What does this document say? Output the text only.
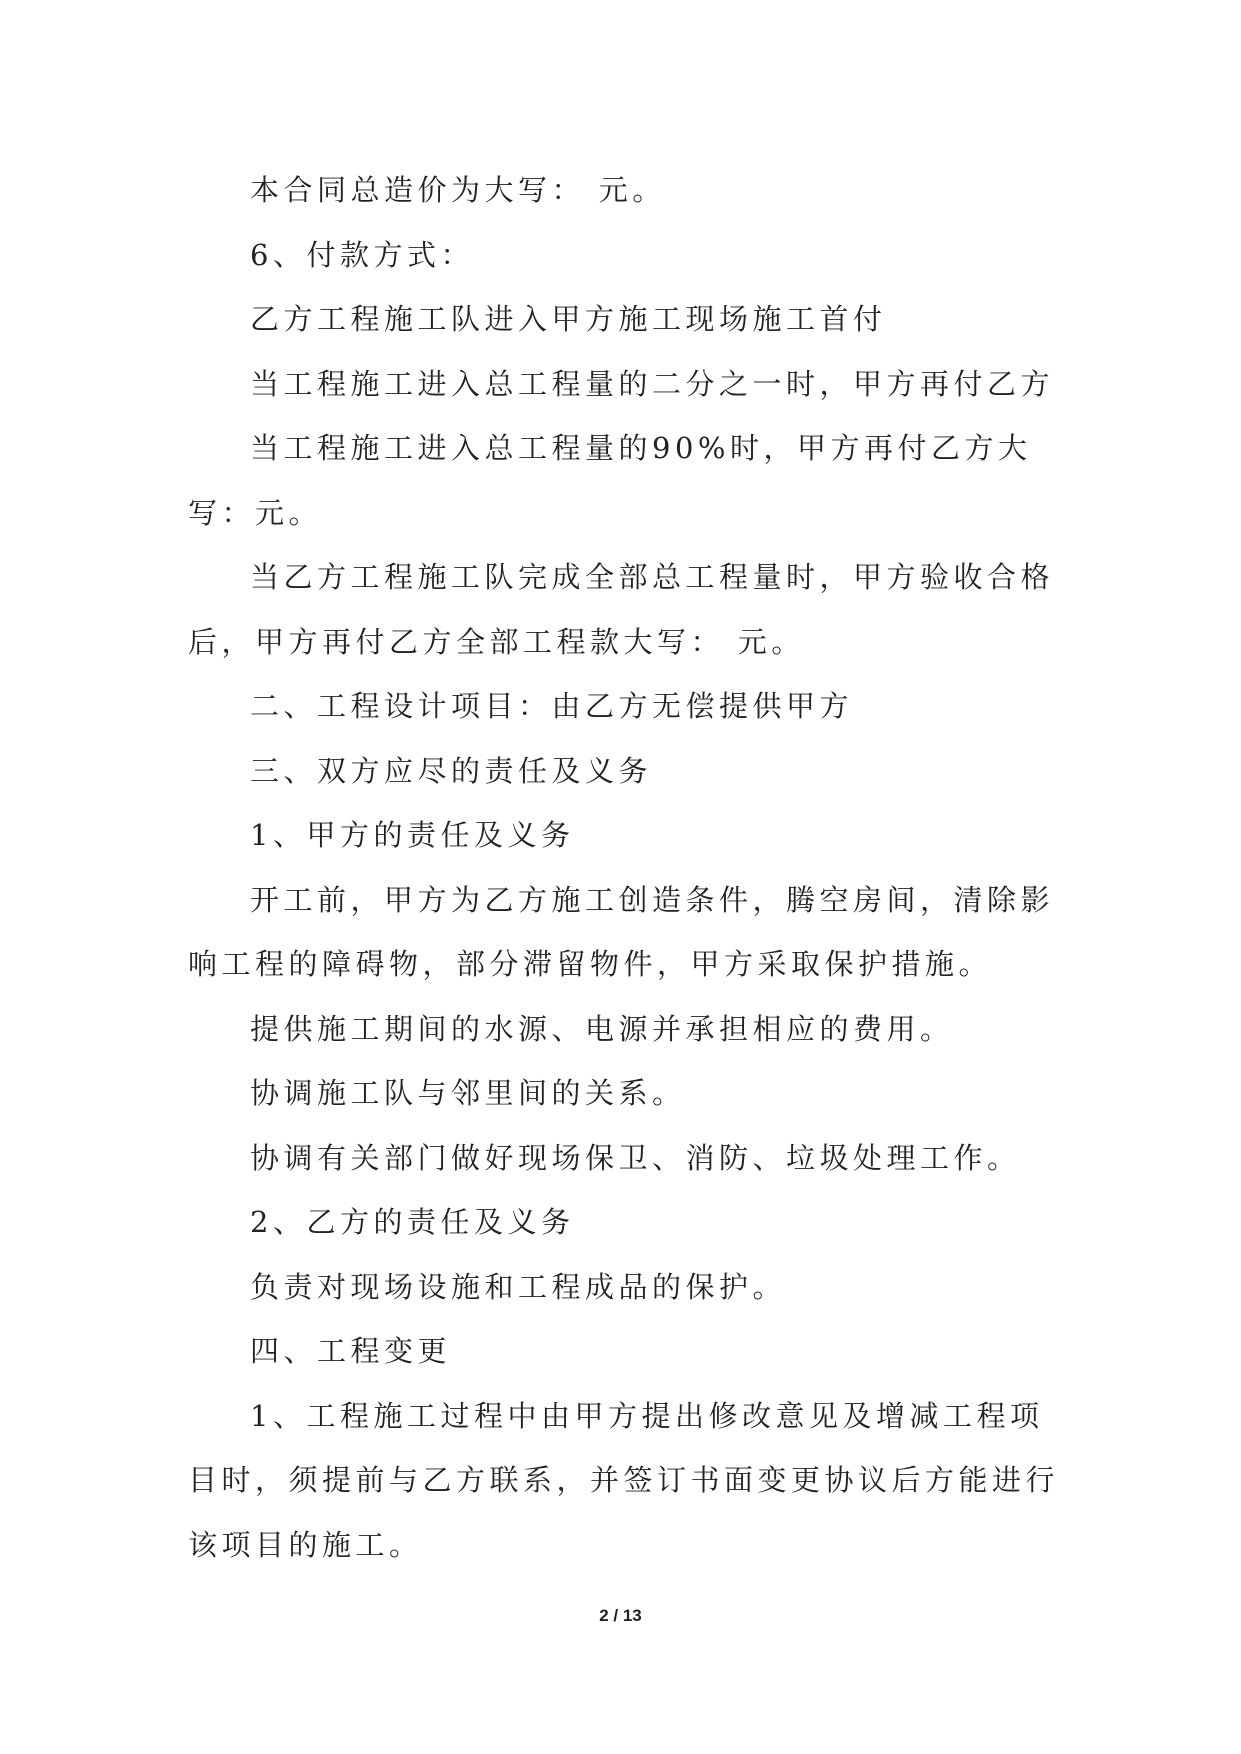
本合同总造价为大写： 元。

6、付款方式：

乙方工程施工队进入甲方施工现场施工首付

当工程施工进入总工程量的二分之一时，甲方再付乙方

当工程施工进入总工程量的90%时，甲方再付乙方大写：元。

当乙方工程施工队完成全部总工程量时，甲方验收合格后，甲方再付乙方全部工程款大写： 元。

二、工程设计项目：由乙方无偿提供甲方

三、双方应尽的责任及义务

1、甲方的责任及义务

开工前，甲方为乙方施工创造条件，腾空房间，清除影响工程的障碍物，部分滞留物件，甲方采取保护措施。

提供施工期间的水源、电源并承担相应的费用。

协调施工队与邻里间的关系。

协调有关部门做好现场保卫、消防、垃圾处理工作。

2、乙方的责任及义务

负责对现场设施和工程成品的保护。

四、工程变更

1、工程施工过程中由甲方提出修改意见及增减工程项目时，须提前与乙方联系，并签订书面变更协议后方能进行该项目的施工。

2 / 13
